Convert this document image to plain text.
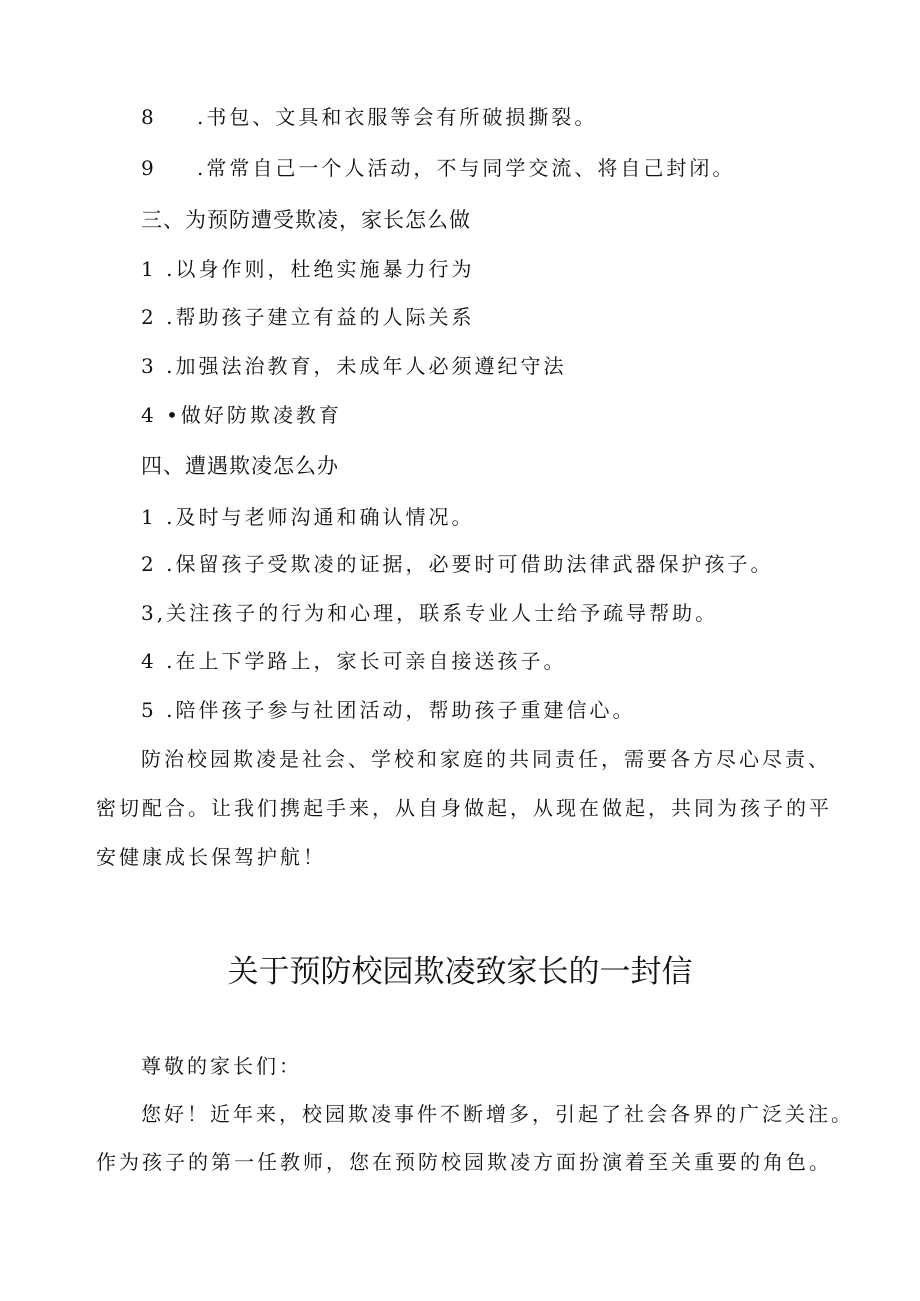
8 .书包、文具和衣服等会有所破损撕裂。
9 .常常自己一个人活动，不与同学交流、将自己封闭。
三、为预防遭受欺凌，家长怎么做
1 .以身作则，杜绝实施暴力行为
2 .帮助孩子建立有益的人际关系
3 .加强法治教育，未成年人必须遵纪守法
4 •做好防欺凌教育
四、遭遇欺凌怎么办
1 .及时与老师沟通和确认情况。
2 .保留孩子受欺凌的证据，必要时可借助法律武器保护孩子。
3,关注孩子的行为和心理，联系专业人士给予疏导帮助。
4 .在上下学路上，家长可亲自接送孩子。
5 .陪伴孩子参与社团活动，帮助孩子重建信心。
防治校园欺凌是社会、学校和家庭的共同责任，需要各方尽心尽责、
密切配合。让我们携起手来，从自身做起，从现在做起，共同为孩子的平
安健康成长保驾护航！
关于预防校园欺凌致家长的一封信
尊敬的家长们：
您好！近年来，校园欺凌事件不断增多，引起了社会各界的广泛关注。
作为孩子的第一任教师，您在预防校园欺凌方面扮演着至关重要的角色。
